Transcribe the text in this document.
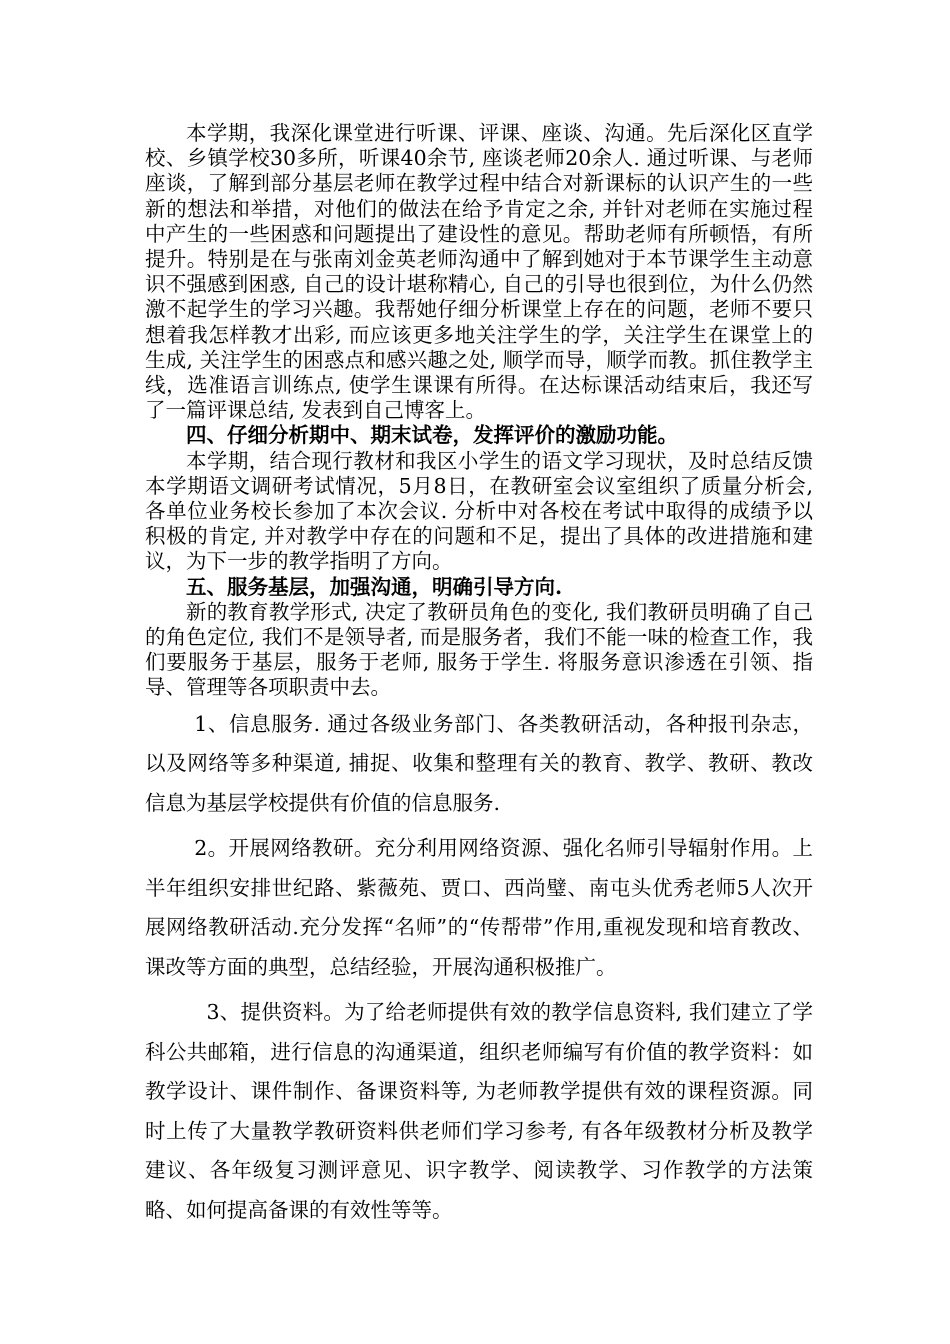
本学期，我深化课堂进行听课、评课、座谈、沟通。先后深化区直学校、乡镇学校30多所，听课40余节, 座谈老师20余人. 通过听课、与老师座谈，了解到部分基层老师在教学过程中结合对新课标的认识产生的一些新的想法和举措，对他们的做法在给予肯定之余, 并针对老师在实施过程中产生的一些困惑和问题提出了建设性的意见。帮助老师有所顿悟，有所提升。特别是在与张南刘金英老师沟通中了解到她对于本节课学生主动意识不强感到困惑, 自己的设计堪称精心, 自己的引导也很到位，为什么仍然激不起学生的学习兴趣。我帮她仔细分析课堂上存在的问题，老师不要只想着我怎样教才出彩, 而应该更多地关注学生的学，关注学生在课堂上的生成, 关注学生的困惑点和感兴趣之处, 顺学而导，顺学而教。抓住教学主线，选准语言训练点, 使学生课课有所得。在达标课活动结束后，我还写了一篇评课总结, 发表到自己博客上。

四、仔细分析期中、期末试卷，发挥评价的激励功能。

本学期，结合现行教材和我区小学生的语文学习现状，及时总结反馈本学期语文调研考试情况，5月8日，在教研室会议室组织了质量分析会, 各单位业务校长参加了本次会议. 分析中对各校在考试中取得的成绩予以积极的肯定, 并对教学中存在的问题和不足，提出了具体的改进措施和建议，为下一步的教学指明了方向。

五、服务基层，加强沟通，明确引导方向.

新的教育教学形式, 决定了教研员角色的变化, 我们教研员明确了自己的角色定位, 我们不是领导者, 而是服务者，我们不能一味的检查工作，我们要服务于基层，服务于老师, 服务于学生. 将服务意识渗透在引领、指导、管理等各项职责中去。

1、信息服务. 通过各级业务部门、各类教研活动，各种报刊杂志，以及网络等多种渠道, 捕捉、收集和整理有关的教育、教学、教研、教改信息为基层学校提供有价值的信息服务.

2。开展网络教研。充分利用网络资源、强化名师引导辐射作用。上半年组织安排世纪路、紫薇苑、贾口、西尚璧、南屯头优秀老师5人次开展网络教研活动.充分发挥“名师”的“传帮带”作用,重视发现和培育教改、课改等方面的典型，总结经验，开展沟通积极推广。

3、提供资料。为了给老师提供有效的教学信息资料, 我们建立了学科公共邮箱，进行信息的沟通渠道，组织老师编写有价值的教学资料：如教学设计、课件制作、备课资料等, 为老师教学提供有效的课程资源。同时上传了大量教学教研资料供老师们学习参考, 有各年级教材分析及教学建议、各年级复习测评意见、识字教学、阅读教学、习作教学的方法策略、如何提高备课的有效性等等。
